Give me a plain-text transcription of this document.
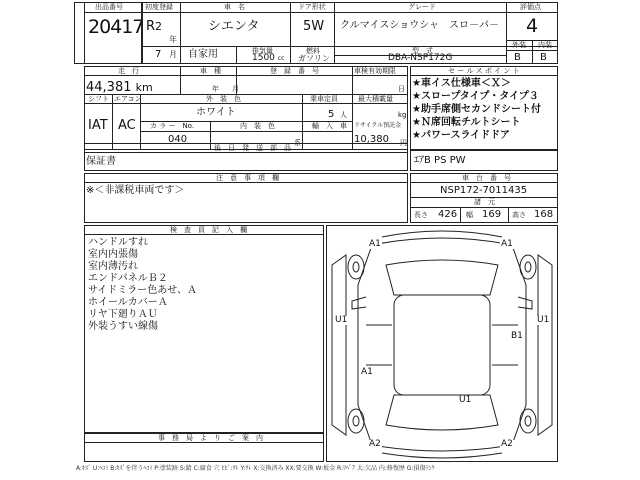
出品番号
20417
初度登録
R2
年
7 月
車　名
シエンタ
自家用	排気量
1500 cc
ドア形状
5W
燃料
ガソリン
グレード
クルマイスショウシャ　スロ－パ－
型　式
DBA-NSP172G
評価点
4
外装 内装
B B
走　行
44,381 km
車　種	登　録　番　号	車検有効期限
年 月	日
シフト エアコン
IAT AC
外　装　色
ホワイト
カ ラ ー　No.	内　装　色
040	系
乗車定員
5 人
最大積載量
kg
輸　入　車 リサイクル預託金
10,380 円
セ ー ル ス ポ イ ン ト
★車イス仕様車＜Ｘ＞
★スロープタイプ・タイプ３
★助手席側セカンドシート付
★Ｎ席回転チルトシート
★パワースライドドア
後　日　発　送　部　品
保証書	ｴｱB PS PW
注　意　事　項　欄
※＜非課税車両です＞
車　台　番　号
NSP172-7011435
諸　元
長さ 426 幅 169 高さ 168
検　査　員　記　入　欄
ハンドルすれ
室内内張傷
室内薄汚れ
エンドパネルＢ２
サイドミラー色あせ、Ａ
ホイールカバーＡ
リヤ下廻りＡＵ
外装うすい線傷
事　務　局　よ　り　ご　案　内
A1	A1
U1	U1
B1
A1
U1
A2	A2
A:ｷｽﾞ U:ﾍｺﾐ B:ｷｽﾞを伴うﾍｺﾐ P:塗装跡 S:錆 C:腐食 穴 ﾋﾋﾞ:ﾜﾚ Y:ﾜﾚ X:交換済み XX:要交換 W:板金 R:ﾘﾍﾟｱ 大:欠品 内:修復歴 G:損傷ﾗﾝｸ
